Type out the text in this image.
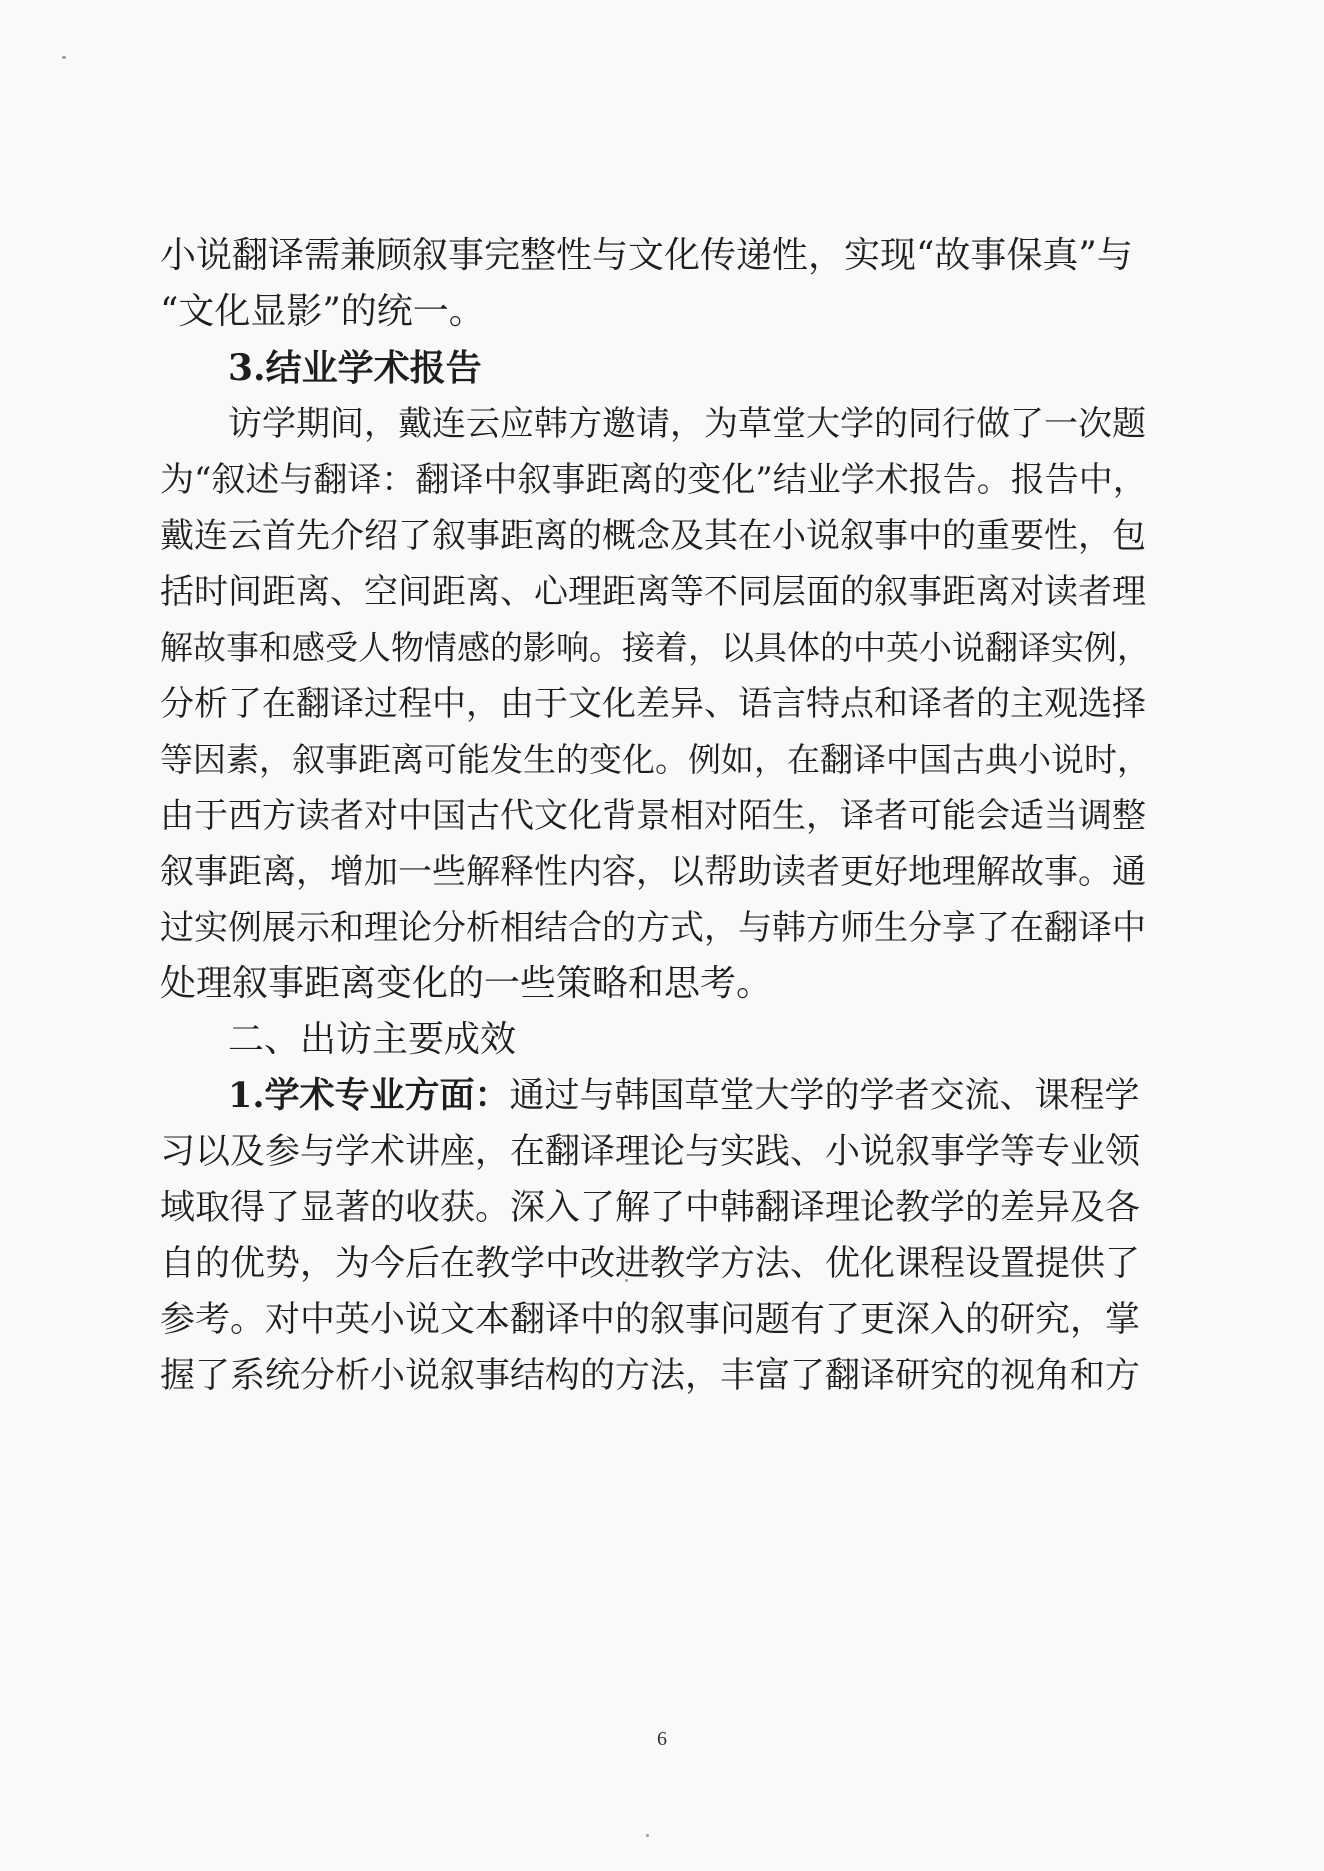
小说翻译需兼顾叙事完整性与文化传递性，实现“故事保真”与
“文化显影”的统一。
3.结业学术报告
访学期间，戴连云应韩方邀请，为草堂大学的同行做了一次题
为“叙述与翻译：翻译中叙事距离的变化”结业学术报告。报告中，
戴连云首先介绍了叙事距离的概念及其在小说叙事中的重要性，包
括时间距离、空间距离、心理距离等不同层面的叙事距离对读者理
解故事和感受人物情感的影响。接着，以具体的中英小说翻译实例，
分析了在翻译过程中，由于文化差异、语言特点和译者的主观选择
等因素，叙事距离可能发生的变化。例如，在翻译中国古典小说时，
由于西方读者对中国古代文化背景相对陌生，译者可能会适当调整
叙事距离，增加一些解释性内容，以帮助读者更好地理解故事。通
过实例展示和理论分析相结合的方式，与韩方师生分享了在翻译中
处理叙事距离变化的一些策略和思考。
二、出访主要成效
1.学术专业方面：通过与韩国草堂大学的学者交流、课程学
习以及参与学术讲座，在翻译理论与实践、小说叙事学等专业领
域取得了显著的收获。深入了解了中韩翻译理论教学的差异及各
自的优势，为今后在教学中改进教学方法、优化课程设置提供了
参考。对中英小说文本翻译中的叙事问题有了更深入的研究，掌
握了系统分析小说叙事结构的方法，丰富了翻译研究的视角和方
6
